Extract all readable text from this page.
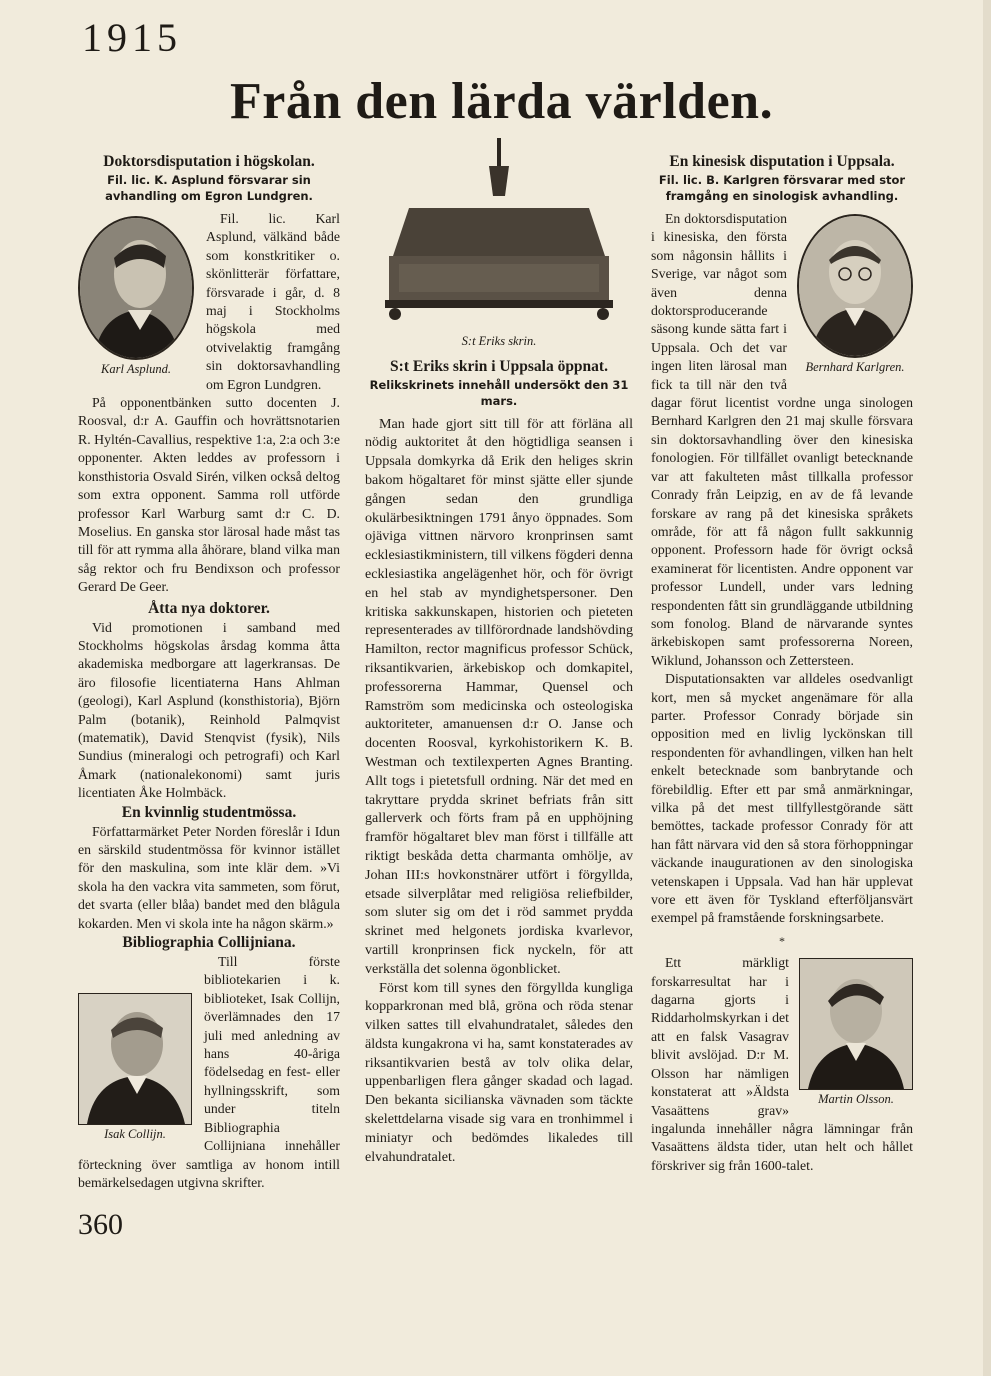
1915
Från den lärda världen.
Doktorsdisputation i högskolan.
Fil. lic. K. Asplund försvarar sin avhandling om Egron Lundgren.
Karl Asplund.

Fil. lic. Karl Asplund, välkänd både som konstkritiker o. skönlitterär författare, försvarade i går, d. 8 maj i Stockholms högskola med otvivelaktig framgång sin doktorsavhandling om Egron Lundgren.

På opponentbänken sutto docenten J. Roosval, d:r A. Gauffin och hovrättsnotarien R. Hyltén-Cavallius, respektive 1:a, 2:a och 3:e opponenter. Akten leddes av professorn i konsthistoria Osvald Sirén, vilken också deltog som extra opponent. Samma roll utförde professor Karl Warburg samt d:r C. D. Moselius. En ganska stor lärosal hade måst tas till för att rymma alla åhörare, bland vilka man såg rektor och fru Bendixson och professor Gerard De Geer.

Åtta nya doktorer.

Vid promotionen i samband med Stockholms högskolas årsdag komma åtta akademiska medborgare att lagerkransas. De äro filosofie licentiaterna Hans Ahlman (geologi), Karl Asplund (konsthistoria), Björn Palm (botanik), Reinhold Palmqvist (matematik), David Stenqvist (fysik), Nils Sundius (mineralogi och petrografi) och Karl Åmark (nationalekonomi) samt juris licentiaten Åke Holmbäck.

En kvinnlig studentmössa.

Författarmärket Peter Norden föreslår i Idun en särskild studentmössa för kvinnor istället för den maskulina, som inte klär dem. »Vi skola ha den vackra vita sammeten, som förut, det svarta (eller blåa) bandet med den blågula kokarden. Men vi skola inte ha någon skärm.»

Bibliographia Collijniana.
Isak Collijn.

Till förste bibliotekarien i k. biblioteket, Isak Collijn, överlämnades den 17 juli med anledning av hans 40-åriga födelsedag en fest- eller hyllningsskrift, som under titeln Bibliographia Collijniana innehåller förteckning över samtliga av honom intill bemärkelsedagen utgivna skrifter.

S:t Eriks skrin.
S:t Eriks skrin i Uppsala öppnat.
Relikskrinets innehåll undersökt den 31 mars.

Man hade gjort sitt till för att förläna all nödig auktoritet åt den högtidliga seansen i Uppsala domkyrka då Erik den heliges skrin bakom högaltaret för minst sjätte eller sjunde gången sedan den grundliga okulärbesiktningen 1791 ånyo öppnades. Som ojäviga vittnen närvoro kronprinsen samt ecklesiastikministern, till vilkens fögderi denna ecklesiastika angelägenhet hör, och för övrigt en hel stab av myndighetspersoner. Den kritiska sakkunskapen, historien och pieteten representerades av tillförordnade landshövding Hamilton, rector magnificus professor Schück, riksantikvarien, ärkebiskop och domkapitel, professorerna Hammar, Quensel och Ramström som medicinska och osteologiska auktoriteter, amanuensen d:r O. Janse och docenten Roosval, kyrkohistorikern K. B. Westman och textilexperten Agnes Branting. Allt togs i pietetsfull ordning. När det med en takryttare prydda skrinet befriats från sitt gallerverk och förts fram på en upphöjning framför högaltaret blev man först i tillfälle att riktigt beskåda detta charmanta omhölje, av Johan III:s hovkonstnärer utfört i förgyllda, etsade silverplåtar med religiösa reliefbilder, som sluter sig om det i röd sammet prydda skrinet med helgonets jordiska kvarlevor, vartill kronprinsen fick nyckeln, för att verkställa det solenna ögonblicket.

Först kom till synes den förgyllda kungliga kopparkronan med blå, gröna och röda stenar vilken sattes till elvahundratalet, således den äldsta kungakrona vi ha, samt konstaterades av riksantikvarien bestå av tolv olika delar, uppenbarligen flera gånger skadad och lagad. Den bekanta sicilianska vävnaden som täckte skelettdelarna visade sig vara en tronhimmel i miniatyr och bedömdes likaledes till elvahundratalet.

En kinesisk disputation i Uppsala.
Fil. lic. B. Karlgren försvarar med stor framgång en sinologisk avhandling.
Bernhard Karlgren.

En doktorsdisputation i kinesiska, den första som någonsin hållits i Sverige, var något som även denna doktorsproducerande säsong kunde sätta fart i Uppsala. Och det var ingen liten lärosal man fick ta till när den två dagar förut licentist vordne unga sinologen Bernhard Karlgren den 21 maj skulle försvara sin doktorsavhandling över den kinesiska fonologien. För tillfället ovanligt betecknande var att fakulteten måst tillkalla professor Conrady från Leipzig, en av de få levande forskare av rang på det kinesiska språkets område, för att få någon fullt sakkunnig opponent. Professorn hade för övrigt också examinerat för licentisten. Andre opponent var professor Lundell, under vars ledning respondenten fått sin grundläggande utbildning som fonolog. Bland de närvarande syntes ärkebiskopen samt professorerna Noreen, Wiklund, Johansson och Zettersteen.

Disputationsakten var alldeles osedvanligt kort, men så mycket angenämare för alla parter. Professor Conrady började sin opposition med en livlig lyckönskan till respondenten för avhandlingen, vilken han helt enkelt betecknade som banbrytande och förebildlig. Efter ett par små anmärkningar, vilka på det mest tillfyllestgörande sätt bemöttes, tackade professor Conrady för att han fått närvara vid den så stora förhoppningar väckande inaugurationen av den sinologiska vetenskapen i Uppsala. Vad han här upplevat vore ett även för Tyskland efterföljansvärt exempel på framstående forskningsarbete.

*
Martin Olsson.

Ett märkligt forskarresultat har i dagarna gjorts i Riddarholmskyrkan i det att en falsk Vasagrav blivit avslöjad. D:r M. Olsson har nämligen konstaterat att »Äldsta Vasaättens grav» ingalunda innehåller några lämningar från Vasaättens äldsta tider, utan helt och hållet förskriver sig från 1600-talet.

360
